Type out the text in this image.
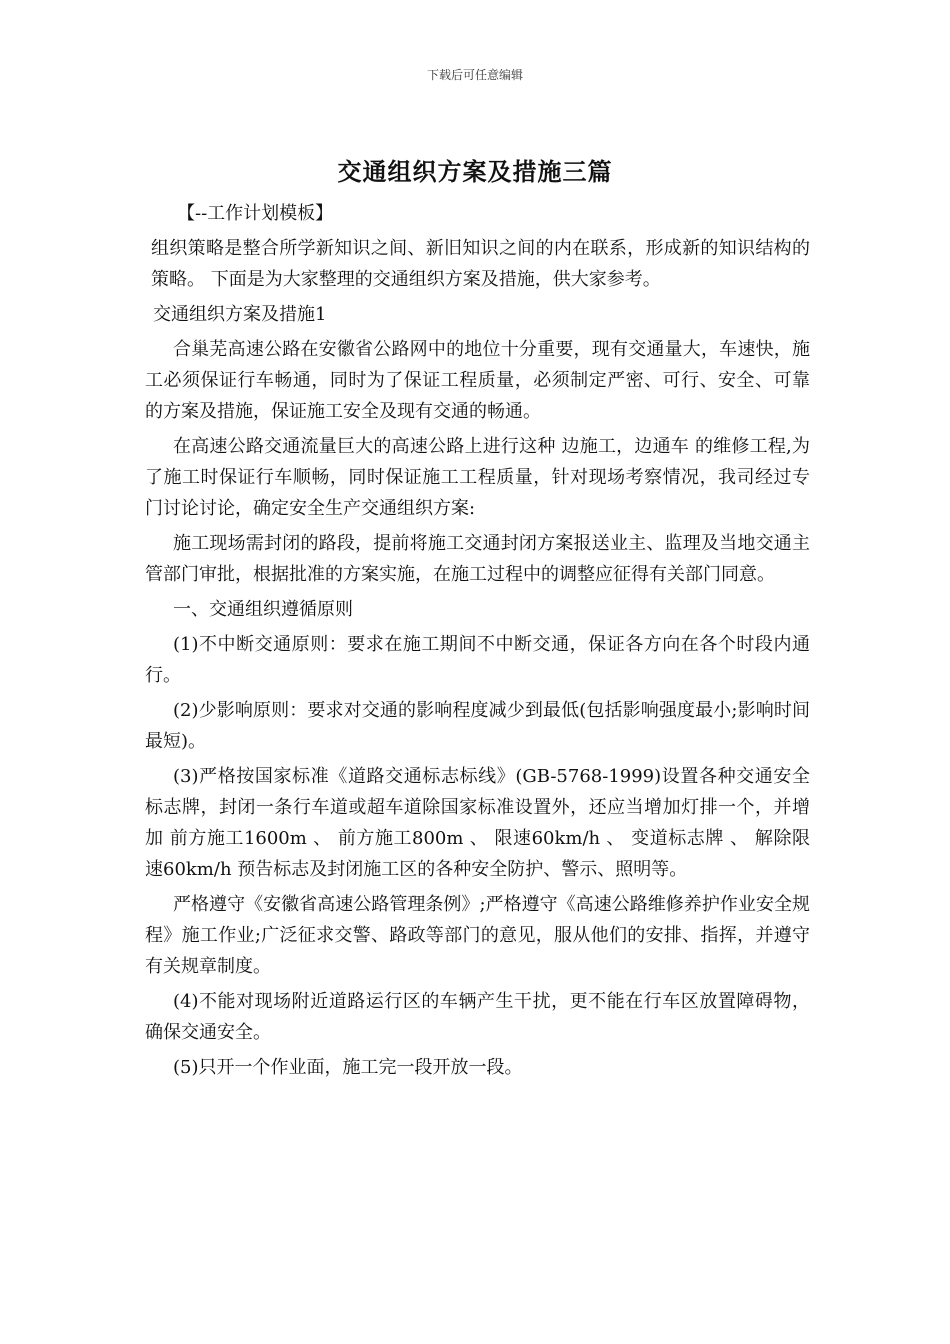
下载后可任意编辑
交通组织方案及措施三篇

【--工作计划模板】

组织策略是整合所学新知识之间、新旧知识之间的内在联系，形成新的知识结构的策略。 下面是为大家整理的交通组织方案及措施，供大家参考。

交通组织方案及措施1

合巢芜高速公路在安徽省公路网中的地位十分重要，现有交通量大，车速快，施工必须保证行车畅通，同时为了保证工程质量，必须制定严密、可行、安全、可靠的方案及措施，保证施工安全及现有交通的畅通。

在高速公路交通流量巨大的高速公路上进行这种 边施工，边通车 的维修工程,为了施工时保证行车顺畅，同时保证施工工程质量，针对现场考察情况，我司经过专门讨论讨论，确定安全生产交通组织方案:

施工现场需封闭的路段，提前将施工交通封闭方案报送业主、监理及当地交通主管部门审批，根据批准的方案实施，在施工过程中的调整应征得有关部门同意。

一、交通组织遵循原则

(1)不中断交通原则：要求在施工期间不中断交通，保证各方向在各个时段内通行。

(2)少影响原则：要求对交通的影响程度减少到最低(包括影响强度最小;影响时间最短)。

(3)严格按国家标准《道路交通标志标线》(GB-5768-1999)设置各种交通安全标志牌，封闭一条行车道或超车道除国家标准设置外，还应当增加灯排一个，并增加 前方施工1600m 、 前方施工800m 、 限速60km/h 、 变道标志牌 、 解除限速60km/h 预告标志及封闭施工区的各种安全防护、警示、照明等。

严格遵守《安徽省高速公路管理条例》;严格遵守《高速公路维修养护作业安全规程》施工作业;广泛征求交警、路政等部门的意见，服从他们的安排、指挥，并遵守有关规章制度。

(4)不能对现场附近道路运行区的车辆产生干扰，更不能在行车区放置障碍物，确保交通安全。

(5)只开一个作业面，施工完一段开放一段。
